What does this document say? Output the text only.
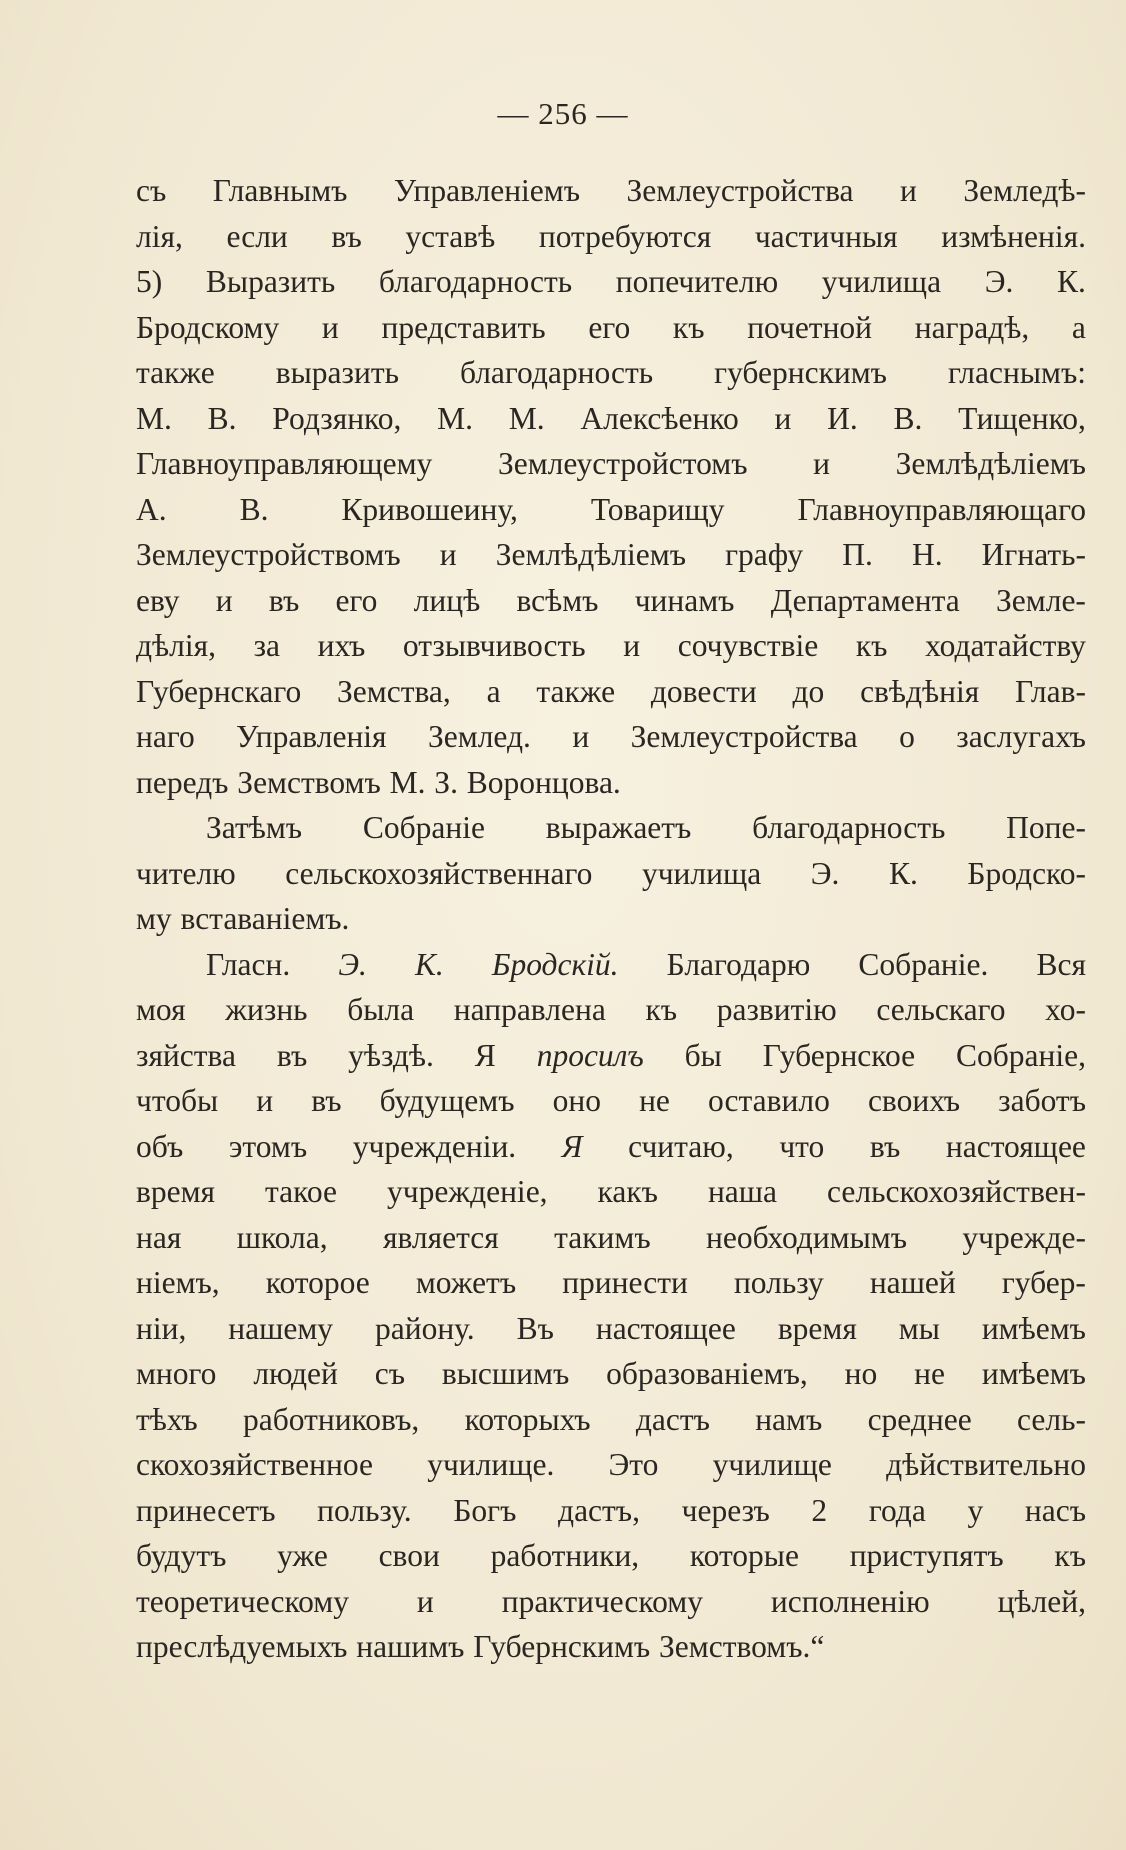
— 256 —
съ Главнымъ Управленіемъ Землеустройства и Земледѣ-
лія, если въ уставѣ потребуются частичныя измѣненія.
5) Выразить благодарность попечителю училища Э. К.
Бродскому и представить его къ почетной наградѣ, а
также выразить благодарность губернскимъ гласнымъ:
М. В. Родзянко, М. М. Алексѣенко и И. В. Тищенко,
Главноуправляющему Землеустройстомъ и Землѣдѣліемъ
А. В. Кривошеину, Товарищу Главноуправляющаго
Землеустройствомъ и Землѣдѣліемъ графу П. Н. Игнать-
еву и въ его лицѣ всѣмъ чинамъ Департамента Земле-
дѣлія, за ихъ отзывчивость и сочувствіе къ ходатайству
Губернскаго Земства, а также довести до свѣдѣнія Глав-
наго Управленія Землед. и Землеустройства о заслугахъ
передъ Земствомъ М. З. Воронцова.
Затѣмъ Собраніе выражаетъ благодарность Попе-
чителю сельскохозяйственнаго училища Э. К. Бродско-
му вставаніемъ.
Гласн. Э. К. Бродскій. Благодарю Собраніе. Вся
моя жизнь была направлена къ развитію сельскаго хо-
зяйства въ уѣздѣ. Я просилъ бы Губернское Собраніе,
чтобы и въ будущемъ оно не оставило своихъ заботъ
объ этомъ учрежденіи. Я считаю, что въ настоящее
время такое учрежденіе, какъ наша сельскохозяйствен-
ная школа, является такимъ необходимымъ учрежде-
ніемъ, которое можетъ принести пользу нашей губер-
ніи, нашему району. Въ настоящее время мы имѣемъ
много людей съ высшимъ образованіемъ, но не имѣемъ
тѣхъ работниковъ, которыхъ дастъ намъ среднее сель-
скохозяйственное училище. Это училище дѣйствительно
принесетъ пользу. Богъ дастъ, черезъ 2 года у насъ
будутъ уже свои работники, которые приступятъ къ
теоретическому и практическому исполненію цѣлей,
преслѣдуемыхъ нашимъ Губернскимъ Земствомъ.“
